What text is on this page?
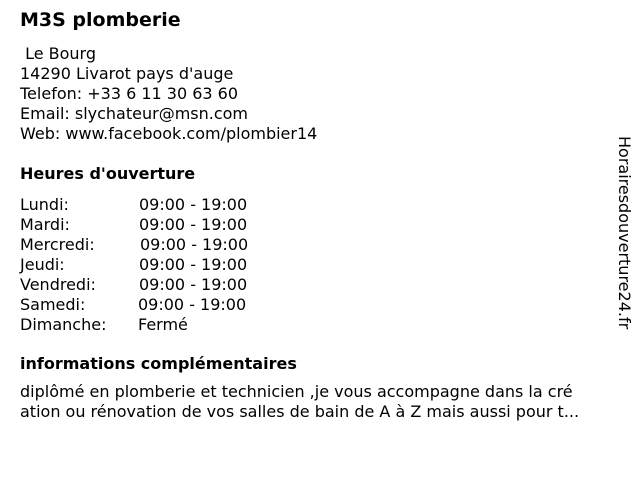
M3S plomberie
Le Bourg
14290 Livarot pays d'auge
Telefon: +33 6 11 30 63 60
Email: slychateur@msn.com
Web: www.facebook.com/plombier14
Heures d'ouverture
Lundi:	09:00 - 19:00
Mardi:	09:00 - 19:00
Mercredi:	09:00 - 19:00
Jeudi:	09:00 - 19:00
Vendredi:	09:00 - 19:00
Samedi:	09:00 - 19:00
Dimanche: Fermé
informations complémentaires
diplômé en plomberie et technicien ,je vous accompagne dans la cré
ation ou rénovation de vos salles de bain de A à Z mais aussi pour t...
Horairesdouverture24.fr
